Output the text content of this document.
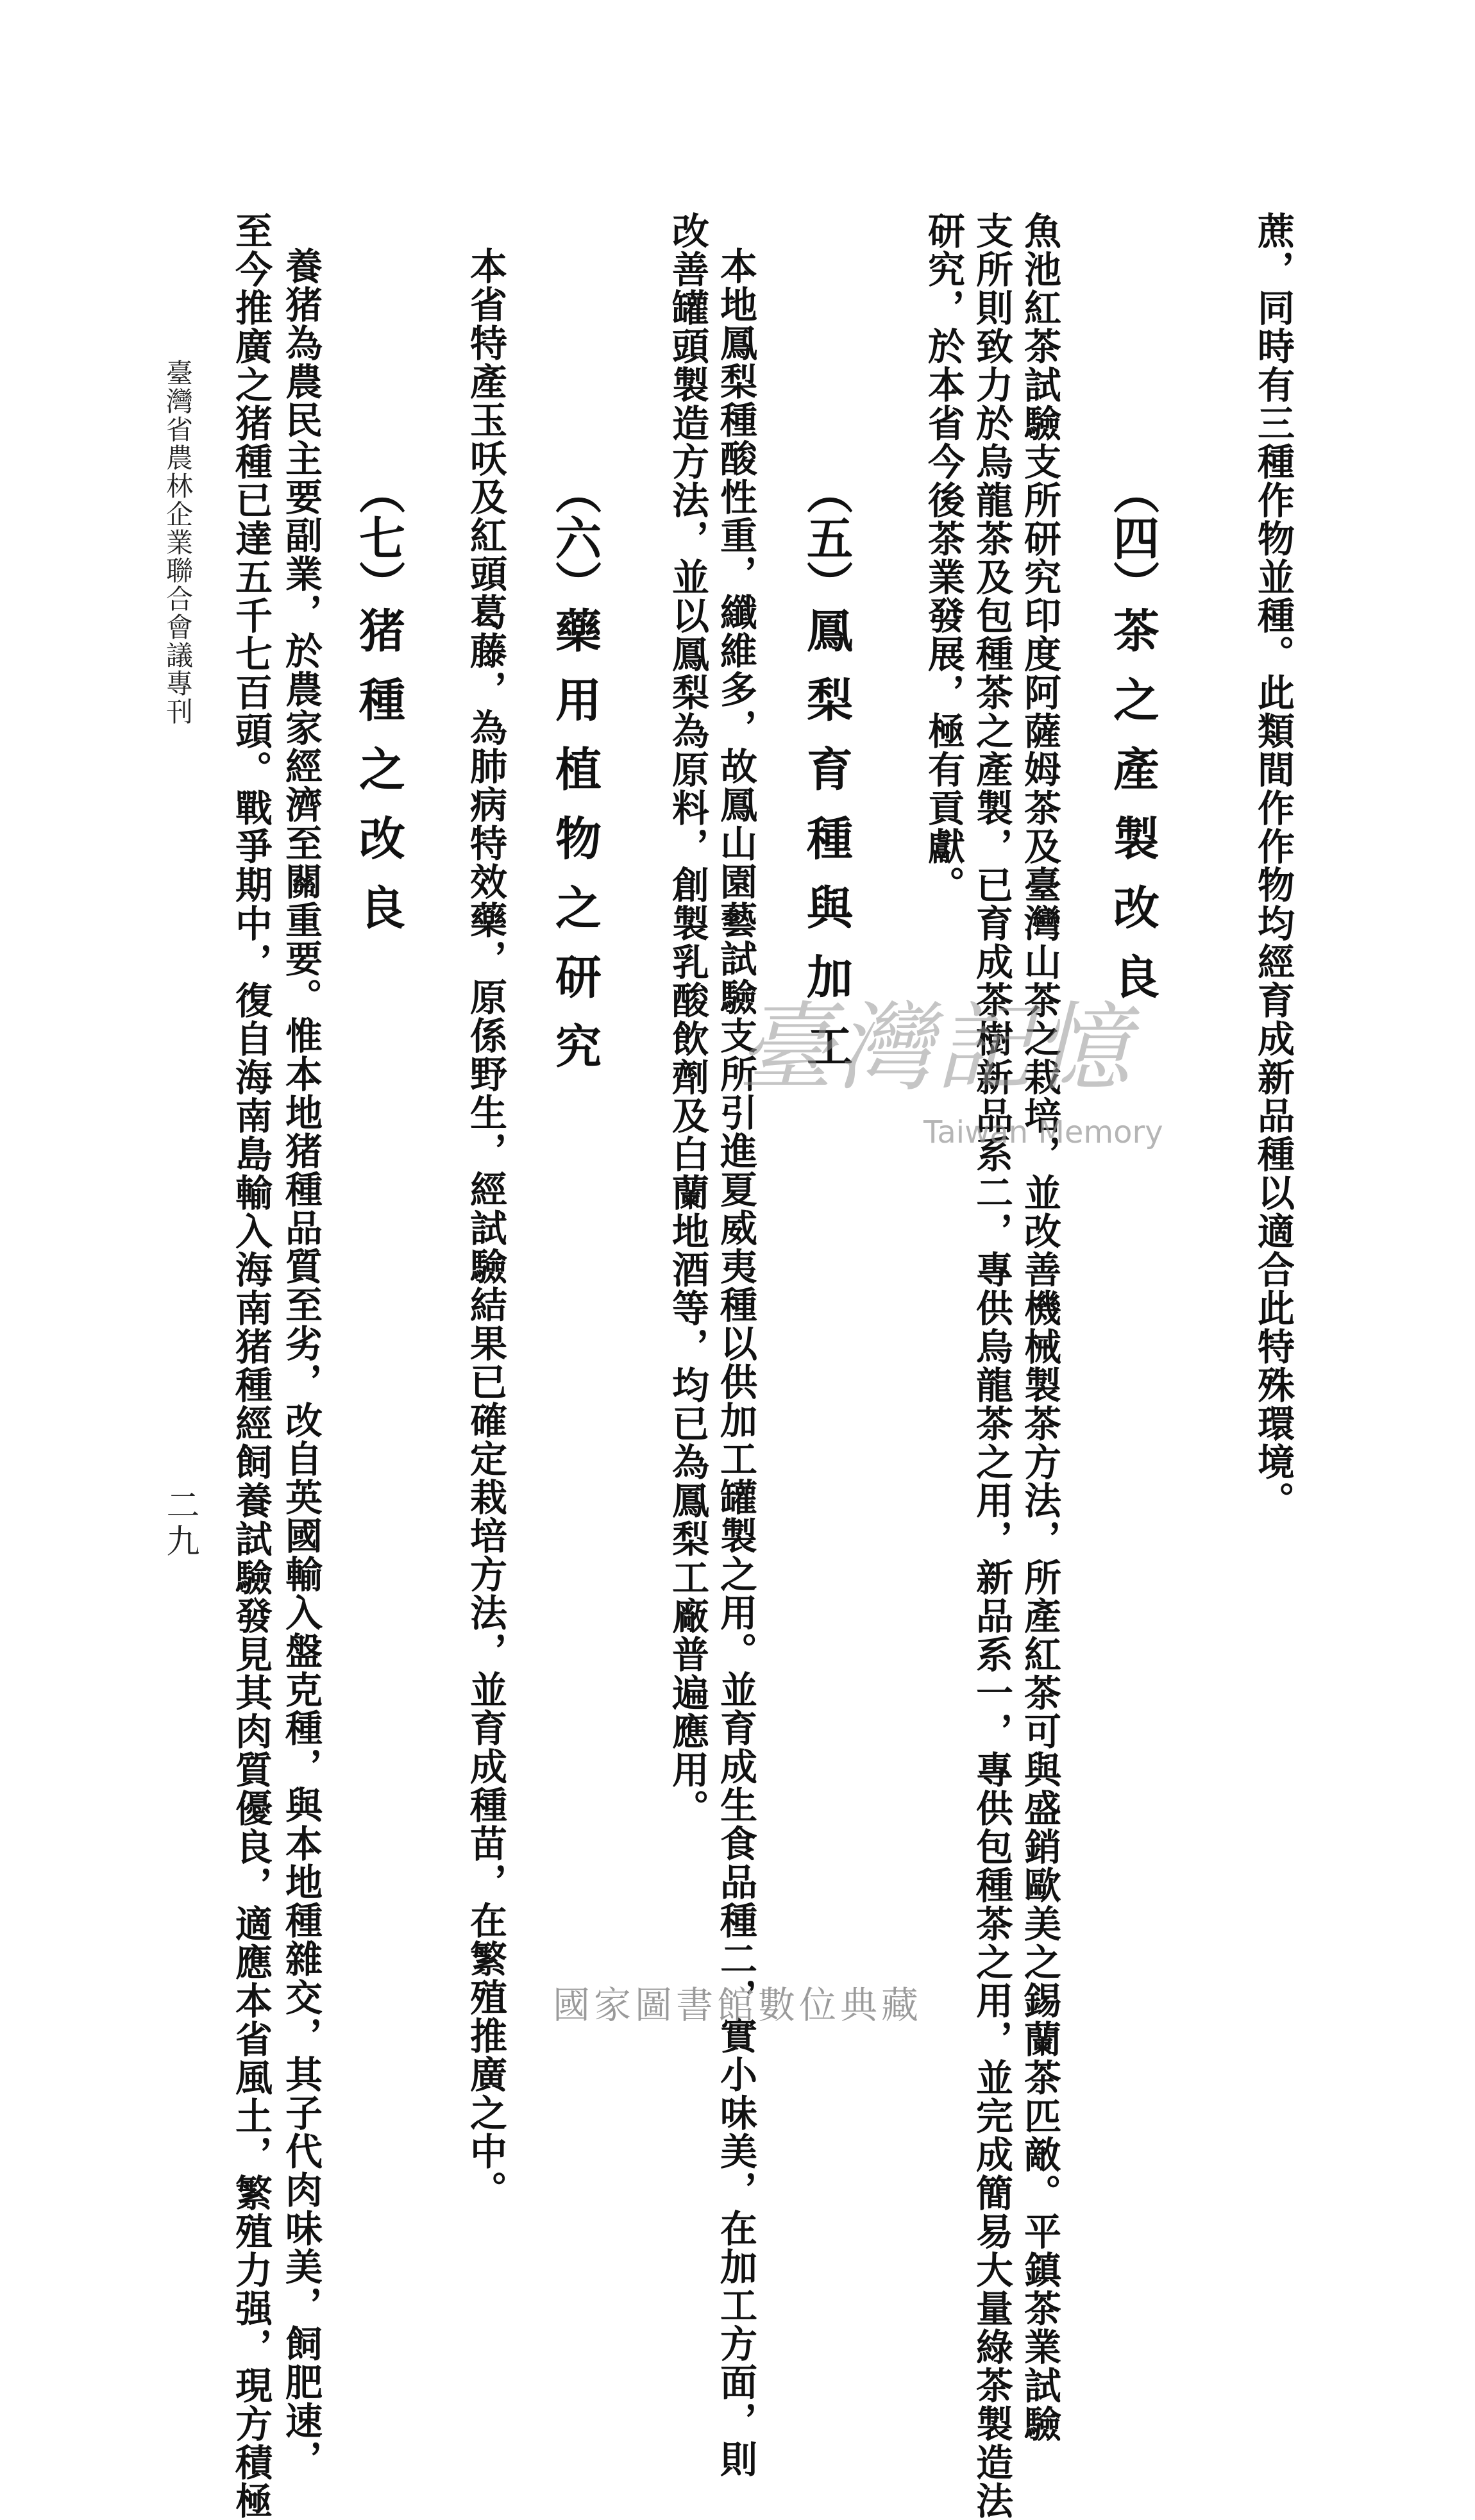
蔗，同時有三種作物並種。此類間作作物均經育成新品種以適合此特殊環境。
（四）茶之產製改良
魚池紅茶試驗支所研究印度阿薩姆茶及臺灣山茶之栽培，並改善機械製茶方法，所產紅茶可與盛銷歐美之錫蘭茶匹敵。平鎮茶業試驗
支所則致力於烏龍茶及包種茶之產製，已育成茶樹新品系二，專供烏龍茶之用，新品系一，專供包種茶之用，並完成簡易大量綠茶製造法
研究，於本省今後茶業發展，極有貢獻。
（五）鳳梨育種與加工
本地鳳梨種酸性重，纖維多，故鳳山園藝試驗支所引進夏威夷種以供加工罐製之用。並育成生食品種二，實小味美，在加工方面，則
改善罐頭製造方法，並以鳳梨為原料，創製乳酸飲劑及白蘭地酒等，均已為鳳梨工廠普遍應用。
（六）藥用植物之研究
本省特產玉㕭及紅頭葛藤，為肺病特效藥，原係野生，經試驗結果已確定栽培方法，並育成種苗，在繁殖推廣之中。
（七）猪種之改良
養猪為農民主要副業，於農家經濟至關重要。惟本地猪種品質至劣，改自英國輸入盤克種，與本地種雜交，其子代肉味美，飼肥速，
至今推廣之猪種已達五千七百頭。戰爭期中，復自海南島輸入海南猪種經飼養試驗發見其肉質優良，適應本省風土，繁殖力强，現方積極
臺灣省農林企業聯合會議專刊
二九
臺灣記憶
Taiwan Memory
國家圖書館數位典藏
